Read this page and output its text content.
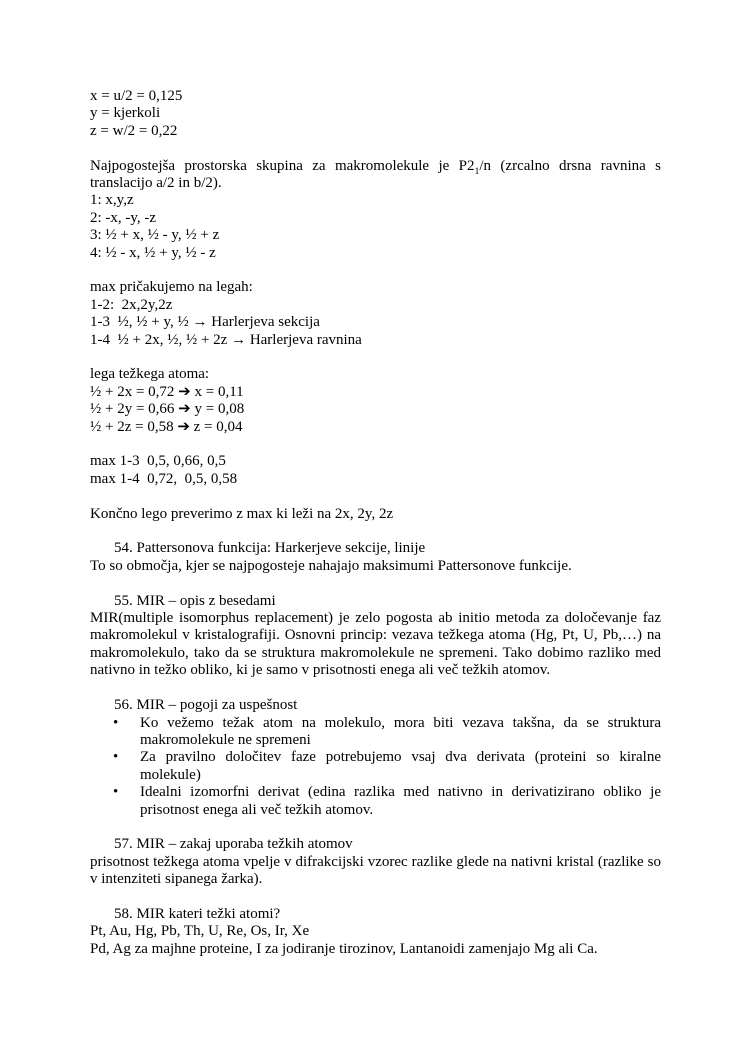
x = u/2 = 0,125
y = kjerkoli
z = w/2 = 0,22
Najpogostejša prostorska skupina za makromolekule je $P2_1/n$ (zrcalno drsna ravnina s translacijo a/2 in b/2).
1: x,y,z
2: -x, -y, -z
3: ½ + x, ½ - y, ½ + z
4: ½ - x, ½ + y, ½ - z
max pričakujemo na legah:
1-2:  2x,2y,2z
1-3  ½, ½ + y, ½ → Harlerjeva sekcija
1-4  ½ + 2x, ½, ½ + 2z → Harlerjeva ravnina
lega težkega atoma:
½ + 2x = 0,72 ➔ x = 0,11
½ + 2y = 0,66 ➔ y = 0,08
½ + 2z = 0,58 ➔ z = 0,04
max 1-3  0,5, 0,66, 0,5
max 1-4  0,72,  0,5, 0,58
Končno lego preverimo z max ki leži na 2x, 2y, 2z
54. Pattersonova funkcija: Harkerjeve sekcije, linije
To so območja, kjer se najpogosteje nahajajo maksimumi Pattersonove funkcije.
55. MIR – opis z besedami
MIR(multiple isomorphus replacement) je zelo pogosta ab initio metoda za določevanje faz makromolekul v kristalografiji. Osnovni princip: vezava težkega atoma (Hg, Pt, U, Pb,…) na makromolekulo, tako da se struktura makromolekule ne spremeni. Tako dobimo razliko med nativno in težko obliko, ki je samo v prisotnosti enega ali več težkih atomov.
56. MIR – pogoji za uspešnost
•	Ko vežemo težak atom na molekulo, mora biti vezava takšna, da se struktura makromolekule ne spremeni
•	Za pravilno določitev faze potrebujemo vsaj dva derivata (proteini so kiralne molekule)
•	Idealni izomorfni derivat (edina razlika med nativno in derivatizirano obliko je prisotnost enega ali več težkih atomov.
57. MIR – zakaj uporaba težkih atomov
prisotnost težkega atoma vpelje v difrakcijski vzorec razlike glede na nativni kristal (razlike so v intenziteti sipanega žarka).
58. MIR kateri težki atomi?
Pt, Au, Hg, Pb, Th, U, Re, Os, Ir, Xe
Pd, Ag za majhne proteine, I za jodiranje tirozinov, Lantanoidi zamenjajo Mg ali Ca.
